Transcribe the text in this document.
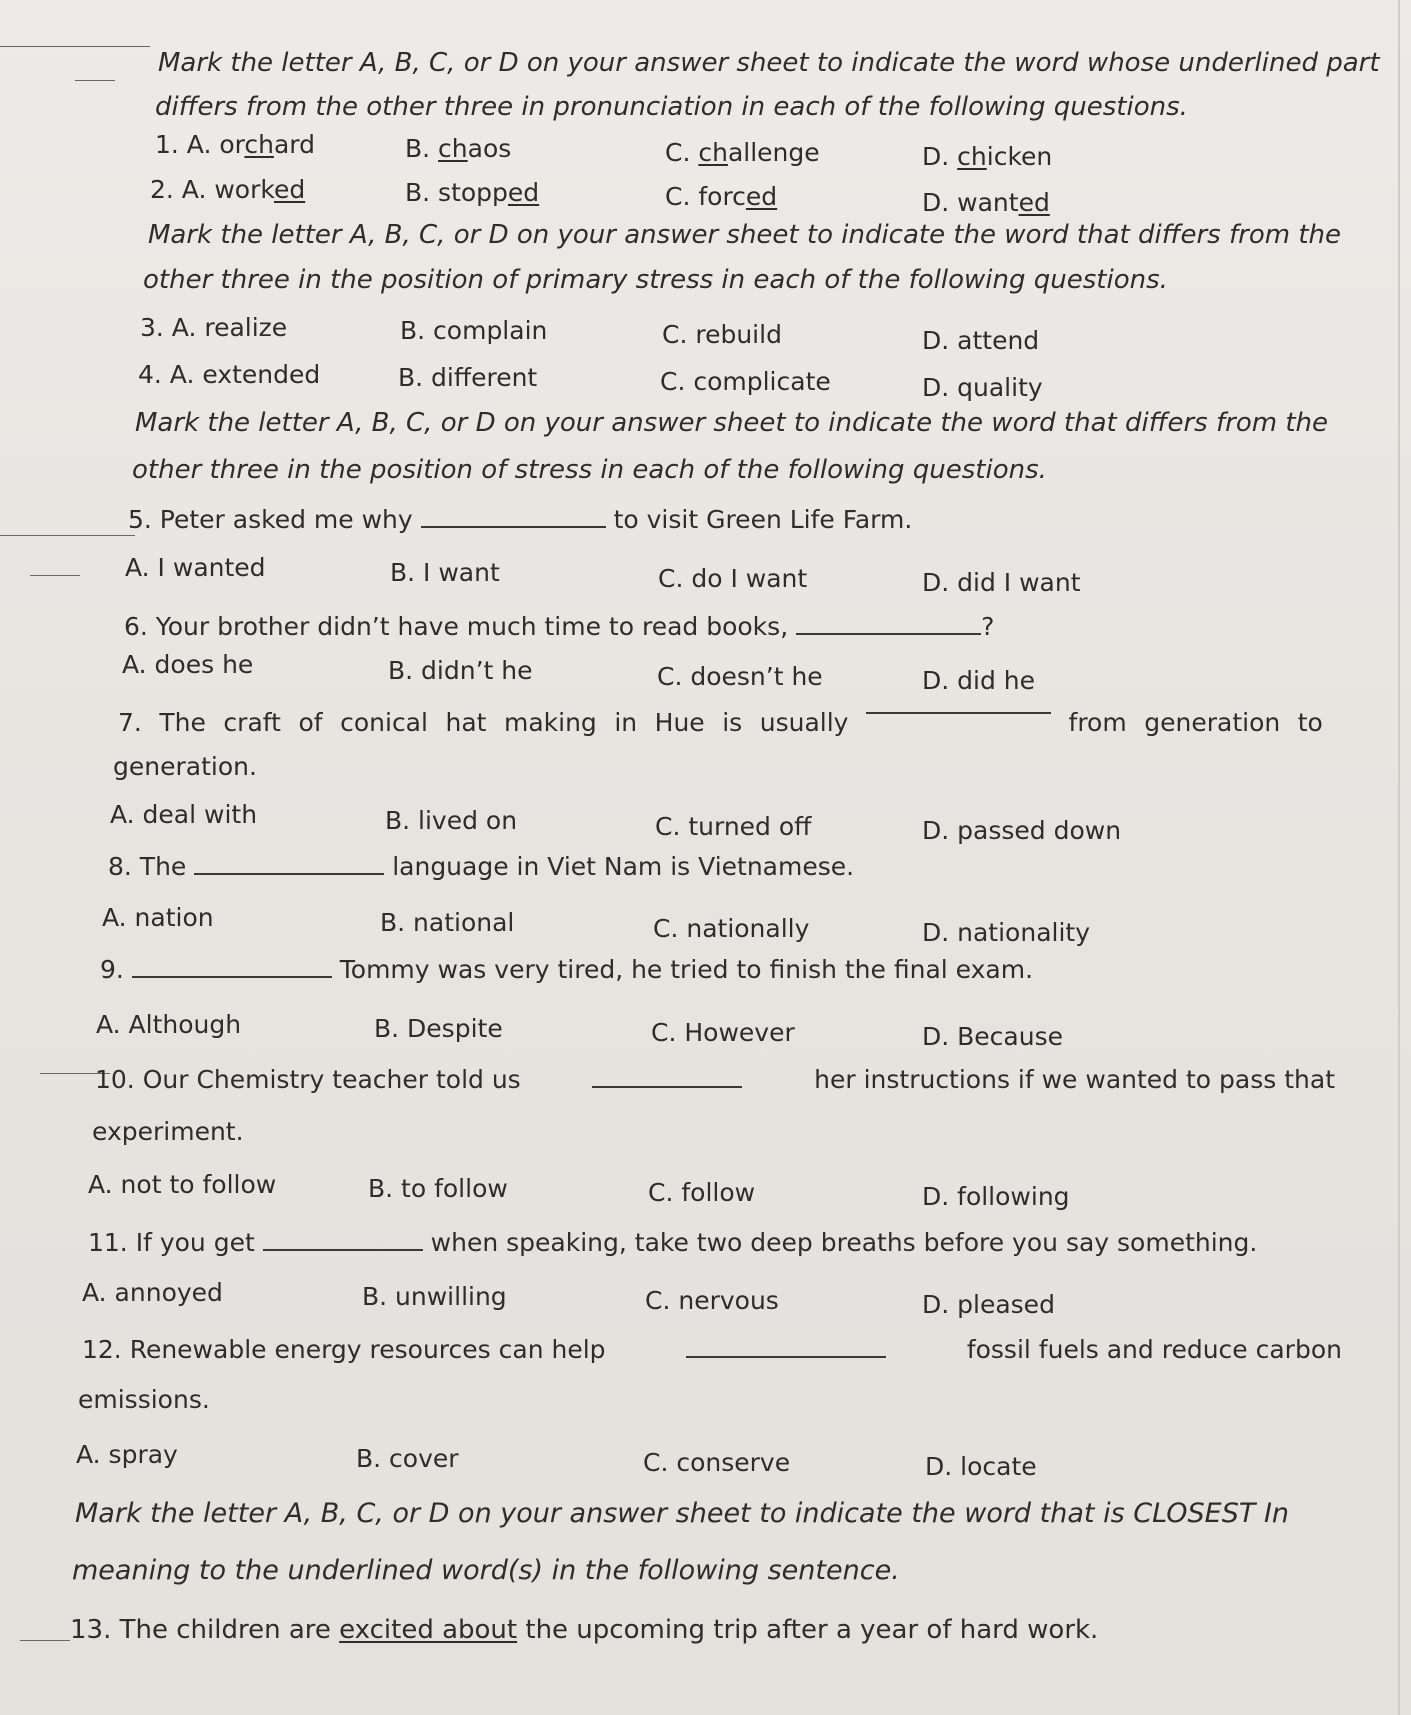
Mark the letter A, B, C, or D on your answer sheet to indicate the word whose underlined part
differs from the other three in pronunciation in each of the following questions.
1. A. orchard	B. chaos	C. challenge	D. chicken
2. A. worked	B. stopped	C. forced	D. wanted
Mark the letter A, B, C, or D on your answer sheet to indicate the word that differs from the
other three in the position of primary stress in each of the following questions.
3. A. realize	B. complain	C. rebuild	D. attend
4. A. extended	B. different	C. complicate	D. quality
Mark the letter A, B, C, or D on your answer sheet to indicate the word that differs from the
other three in the position of stress in each of the following questions.
5. Peter asked me why	to visit Green Life Farm.
A. I wanted	B. I want	C. do I want	D. did I want
6. Your brother didn’t have much time to read books,	?
A. does he	B. didn’t he	C. doesn’t he	D. did he
7. The craft of conical hat making in Hue is usually	from generation to
generation.
A. deal with	B. lived on	C. turned off	D. passed down
8. The	language in Viet Nam is Vietnamese.
A. nation	B. national	C. nationally	D. nationality
9.	Tommy was very tired, he tried to finish the final exam.
A. Although	B. Despite	C. However	D. Because
10. Our Chemistry teacher told us	her instructions if we wanted to pass that
experiment.
A. not to follow	B. to follow	C. follow	D. following
11. If you get	when speaking, take two deep breaths before you say something.
A. annoyed	B. unwilling	C. nervous	D. pleased
12. Renewable energy resources can help	fossil fuels and reduce carbon
emissions.
A. spray	B. cover	C. conserve	D. locate
Mark the letter A, B, C, or D on your answer sheet to indicate the word that is CLOSEST In
meaning to the underlined word(s) in the following sentence.
13. The children are excited about the upcoming trip after a year of hard work.
